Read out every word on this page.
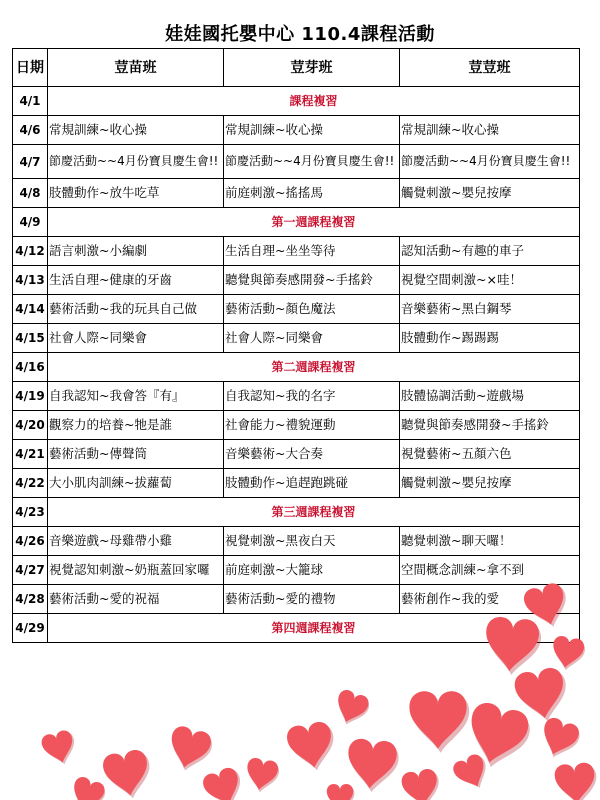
娃娃國托嬰中心 110.4課程活動
日期	荳苗班	荳芽班	荳荳班
4/1	課程複習		
4/6	常規訓練~收心操	常規訓練~收心操	常規訓練~收心操
4/7	節慶活動~~4月份寶貝慶生會!!	節慶活動~~4月份寶貝慶生會!!	節慶活動~~4月份寶貝慶生會!!
4/8	肢體動作~放牛吃草	前庭刺激~搖搖馬	觸覺刺激~嬰兒按摩
4/9	第一週課程複習		
4/12	語言刺激~小編劇	生活自理~坐坐等待	認知活動~有趣的車子
4/13	生活自理~健康的牙齒	聽覺與節奏感開發~手搖鈴	視覺空間刺激~×哇！
4/14	藝術活動~我的玩具自己做	藝術活動~顏色魔法	音樂藝術~黑白鋼琴
4/15	社會人際~同樂會	社會人際~同樂會	肢體動作~踢踢踢
4/16	第二週課程複習		
4/19	自我認知~我會答『有』	自我認知~我的名字	肢體協調活動~遊戲場
4/20	觀察力的培養~牠是誰	社會能力~禮貌運動	聽覺與節奏感開發~手搖鈴
4/21	藝術活動~傳聲筒	音樂藝術~大合奏	視覺藝術~五顏六色
4/22	大小肌肉訓練~拔蘿蔔	肢體動作~追趕跑跳碰	觸覺刺激~嬰兒按摩
4/23	第三週課程複習		
4/26	音樂遊戲~母雞帶小雞	視覺刺激~黑夜白天	聽覺刺激~聊天囉！
4/27	視覺認知刺激~奶瓶蓋回家囉	前庭刺激~大籠球	空間概念訓練~拿不到
4/28	藝術活動~愛的祝福	藝術活動~愛的禮物	藝術創作~我的愛
4/29	第四週課程複習		
